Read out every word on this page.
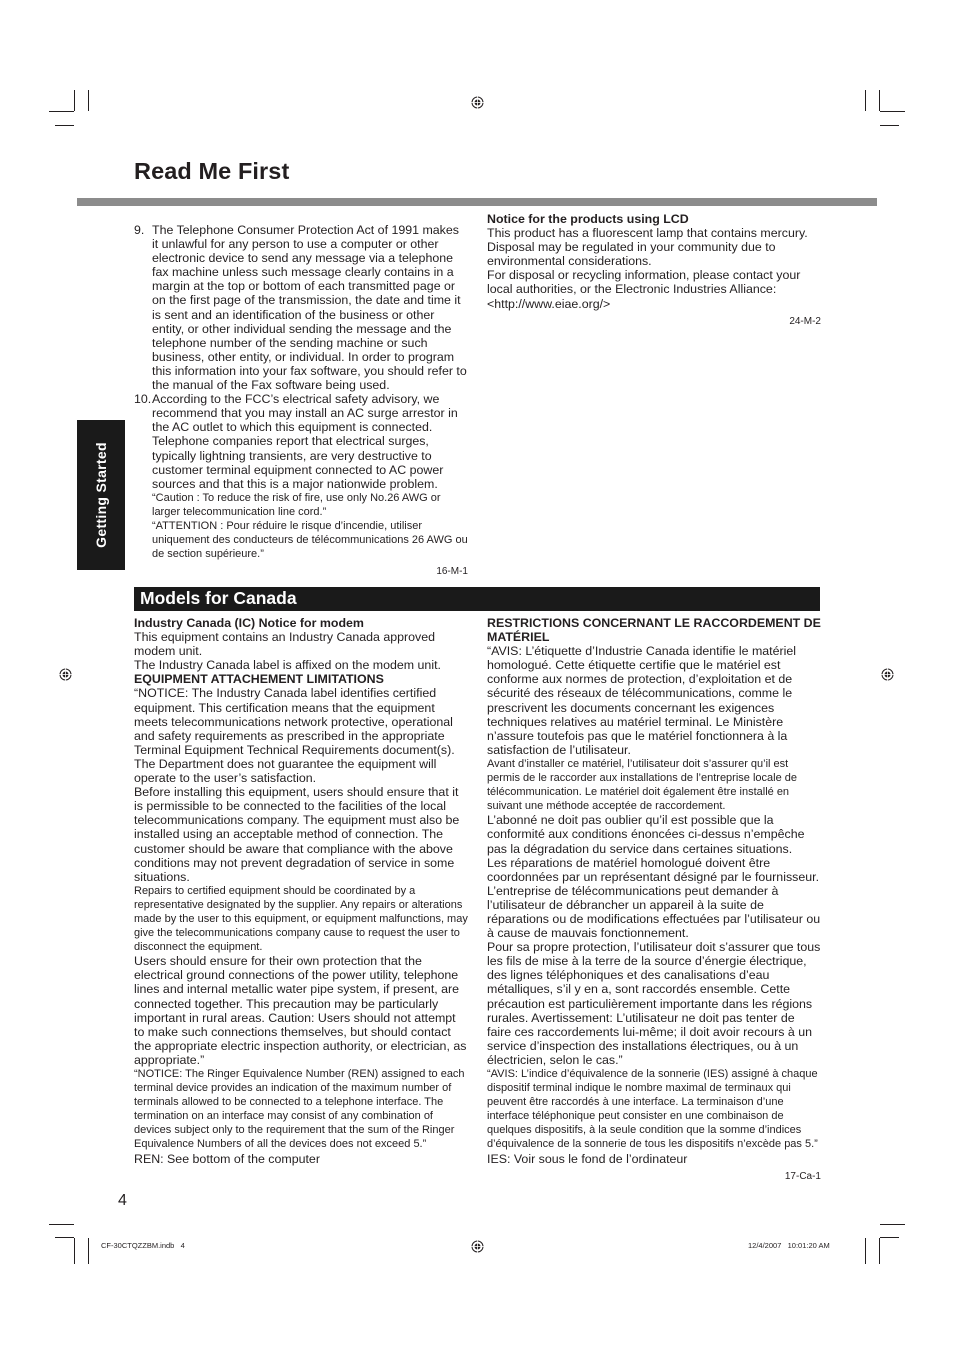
Read Me First
Getting Started
9. The Telephone Consumer Protection Act of 1991 makes it unlawful for any person to use a computer or other electronic device to send any message via a telephone fax machine unless such message clearly contains in a margin at the top or bottom of each transmitted page or on the first page of the transmission, the date and time it is sent and an identification of the business or other entity, or other individual sending the message and the telephone number of the sending machine or such business, other entity, or individual. In order to program this information into your fax software, you should refer to the manual of the Fax software being used.

10. According to the FCC’s electrical safety advisory, we recommend that you may install an AC surge arrestor in the AC outlet to which this equipment is connected. Telephone companies report that electrical surges, typically lightning transients, are very destructive to customer terminal equipment connected to AC power sources and that this is a major nationwide problem.

“Caution : To reduce the risk of fire, use only No.26 AWG or larger telecommunication line cord.”

“ATTENTION : Pour réduire le risque d’incendie, utiliser uniquement des conducteurs de télécommunications 26 AWG ou de section supérieure.”

16-M-1

Notice for the products using LCD

This product has a fluorescent lamp that contains mercury. Disposal may be regulated in your community due to environmental considerations.

For disposal or recycling information, please contact your local authorities, or the Electronic Industries Alliance: <http://www.eiae.org/>

24-M-2

Models for Canada

Industry Canada (IC) Notice for modem

This equipment contains an Industry Canada approved modem unit.

The Industry Canada label is affixed on the modem unit.

EQUIPMENT ATTACHEMENT LIMITATIONS

“NOTICE: The Industry Canada label identifies certified equipment. This certification means that the equipment meets telecommunications network protective, operational and safety requirements as prescribed in the appropriate Terminal Equipment Technical Requirements document(s). The Department does not guarantee the equipment will operate to the user’s satisfaction.

Before installing this equipment, users should ensure that it is permissible to be connected to the facilities of the local telecommunications company. The equipment must also be installed using an acceptable method of connection. The customer should be aware that compliance with the above conditions may not prevent degradation of service in some situations.

Repairs to certified equipment should be coordinated by a representative designated by the supplier. Any repairs or alterations made by the user to this equipment, or equipment malfunctions, may give the telecommunications company cause to request the user to disconnect the equipment.

Users should ensure for their own protection that the electrical ground connections of the power utility, telephone lines and internal metallic water pipe system, if present, are connected together. This precaution may be particularly important in rural areas. Caution: Users should not attempt to make such connections themselves, but should contact the appropriate electric inspection authority, or electrician, as appropriate.”

“NOTICE: The Ringer Equivalence Number (REN) assigned to each terminal device provides an indication of the maximum number of terminals allowed to be connected to a telephone interface. The termination on an interface may consist of any combination of devices subject only to the requirement that the sum of the Ringer Equivalence Numbers of all the devices does not exceed 5.”

REN: See bottom of the computer

RESTRICTIONS CONCERNANT LE RACCORDEMENT DE MATÉRIEL

“AVIS: L’étiquette d’Industrie Canada identifie le matériel homologué. Cette étiquette certifie que le matériel est conforme aux normes de protection, d’exploitation et de sécurité des réseaux de télécommunications, comme le prescrivent les documents concernant les exigences techniques relatives au matériel terminal. Le Ministère n’assure toutefois pas que le matériel fonctionnera à la satisfaction de l’utilisateur.

Avant d’installer ce matériel, l’utilisateur doit s’assurer qu’il est permis de le raccorder aux installations de l’entreprise locale de télécommunication. Le matériel doit également être installé en suivant une méthode acceptée de raccordement.

L’abonné ne doit pas oublier qu’il est possible que la conformité aux conditions énoncées ci-dessus n’empêche pas la dégradation du service dans certaines situations.

Les réparations de matériel homologué doivent être coordonnées par un représentant désigné par le fournisseur. L’entreprise de télécommunications peut demander à l’utilisateur de débrancher un appareil à la suite de réparations ou de modifications effectuées par l’utilisateur ou à cause de mauvais fonctionnement.

Pour sa propre protection, l’utilisateur doit s’assurer que tous les fils de mise à la terre de la source d’énergie électrique, des lignes téléphoniques et des canalisations d’eau métalliques, s’il y en a, sont raccordés ensemble. Cette précaution est particulièrement importante dans les régions rurales. Avertissement: L’utilisateur ne doit pas tenter de faire ces raccordements lui-même; il doit avoir recours à un service d’inspection des installations électriques, ou à un électricien, selon le cas.”

“AVIS: L’indice d’équivalence de la sonnerie (IES) assigné à chaque dispositif terminal indique le nombre maximal de terminaux qui peuvent être raccordés à une interface. La terminaison d’une interface téléphonique peut consister en une combinaison de quelques dispositifs, à la seule condition que la somme d’indices d’équivalence de la sonnerie de tous les dispositifs n’excède pas 5.”

IES: Voir sous le fond de l’ordinateur

17-Ca-1

4
CF-30CTQZZBM.indb   4	12/4/2007   10:01:20 AM
